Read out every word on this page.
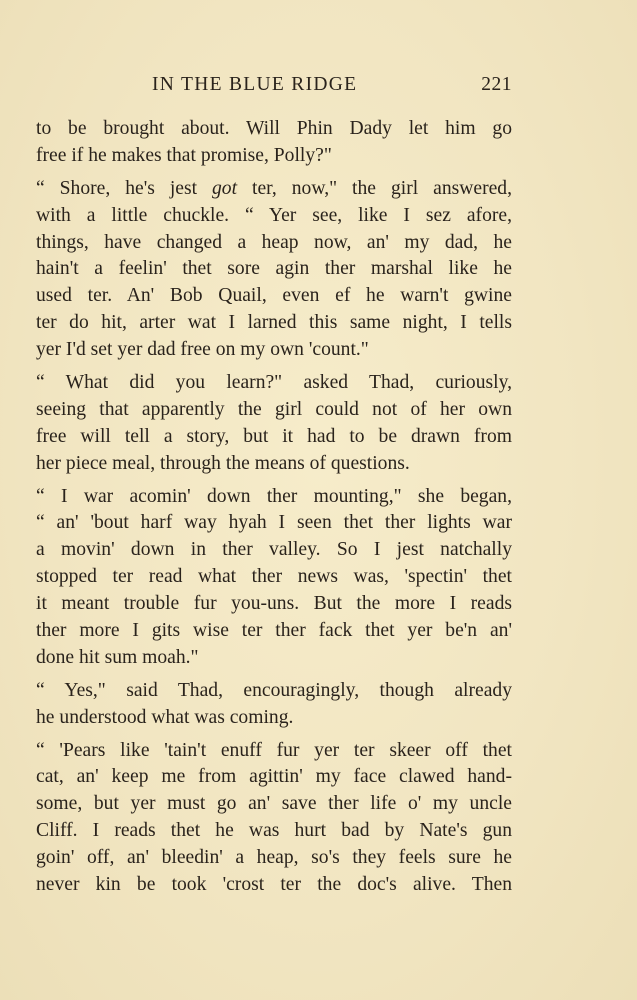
IN THE BLUE RIDGE	221
to be brought about. Will Phin Dady let him go
free if he makes that promise, Polly?"
“ Shore, he's jest got ter, now," the girl answered,
with a little chuckle. “ Yer see, like I sez afore,
things, have changed a heap now, an' my dad, he
hain't a feelin' thet sore agin ther marshal like he
used ter. An' Bob Quail, even ef he warn't gwine
ter do hit, arter wat I larned this same night, I tells
yer I'd set yer dad free on my own 'count."
“ What did you learn?" asked Thad, curiously,
seeing that apparently the girl could not of her own
free will tell a story, but it had to be drawn from
her piece meal, through the means of questions.
“ I war acomin' down ther mounting," she began,
“ an' 'bout harf way hyah I seen thet ther lights war
a movin' down in ther valley. So I jest natchally
stopped ter read what ther news was, 'spectin' thet
it meant trouble fur you-uns. But the more I reads
ther more I gits wise ter ther fack thet yer be'n an'
done hit sum moah."
“ Yes," said Thad, encouragingly, though already
he understood what was coming.
“ 'Pears like 'tain't enuff fur yer ter skeer off thet
cat, an' keep me from agittin' my face clawed hand-
some, but yer must go an' save ther life o' my uncle
Cliff. I reads thet he was hurt bad by Nate's gun
goin' off, an' bleedin' a heap, so's they feels sure he
never kin be took 'crost ter the doc's alive. Then
